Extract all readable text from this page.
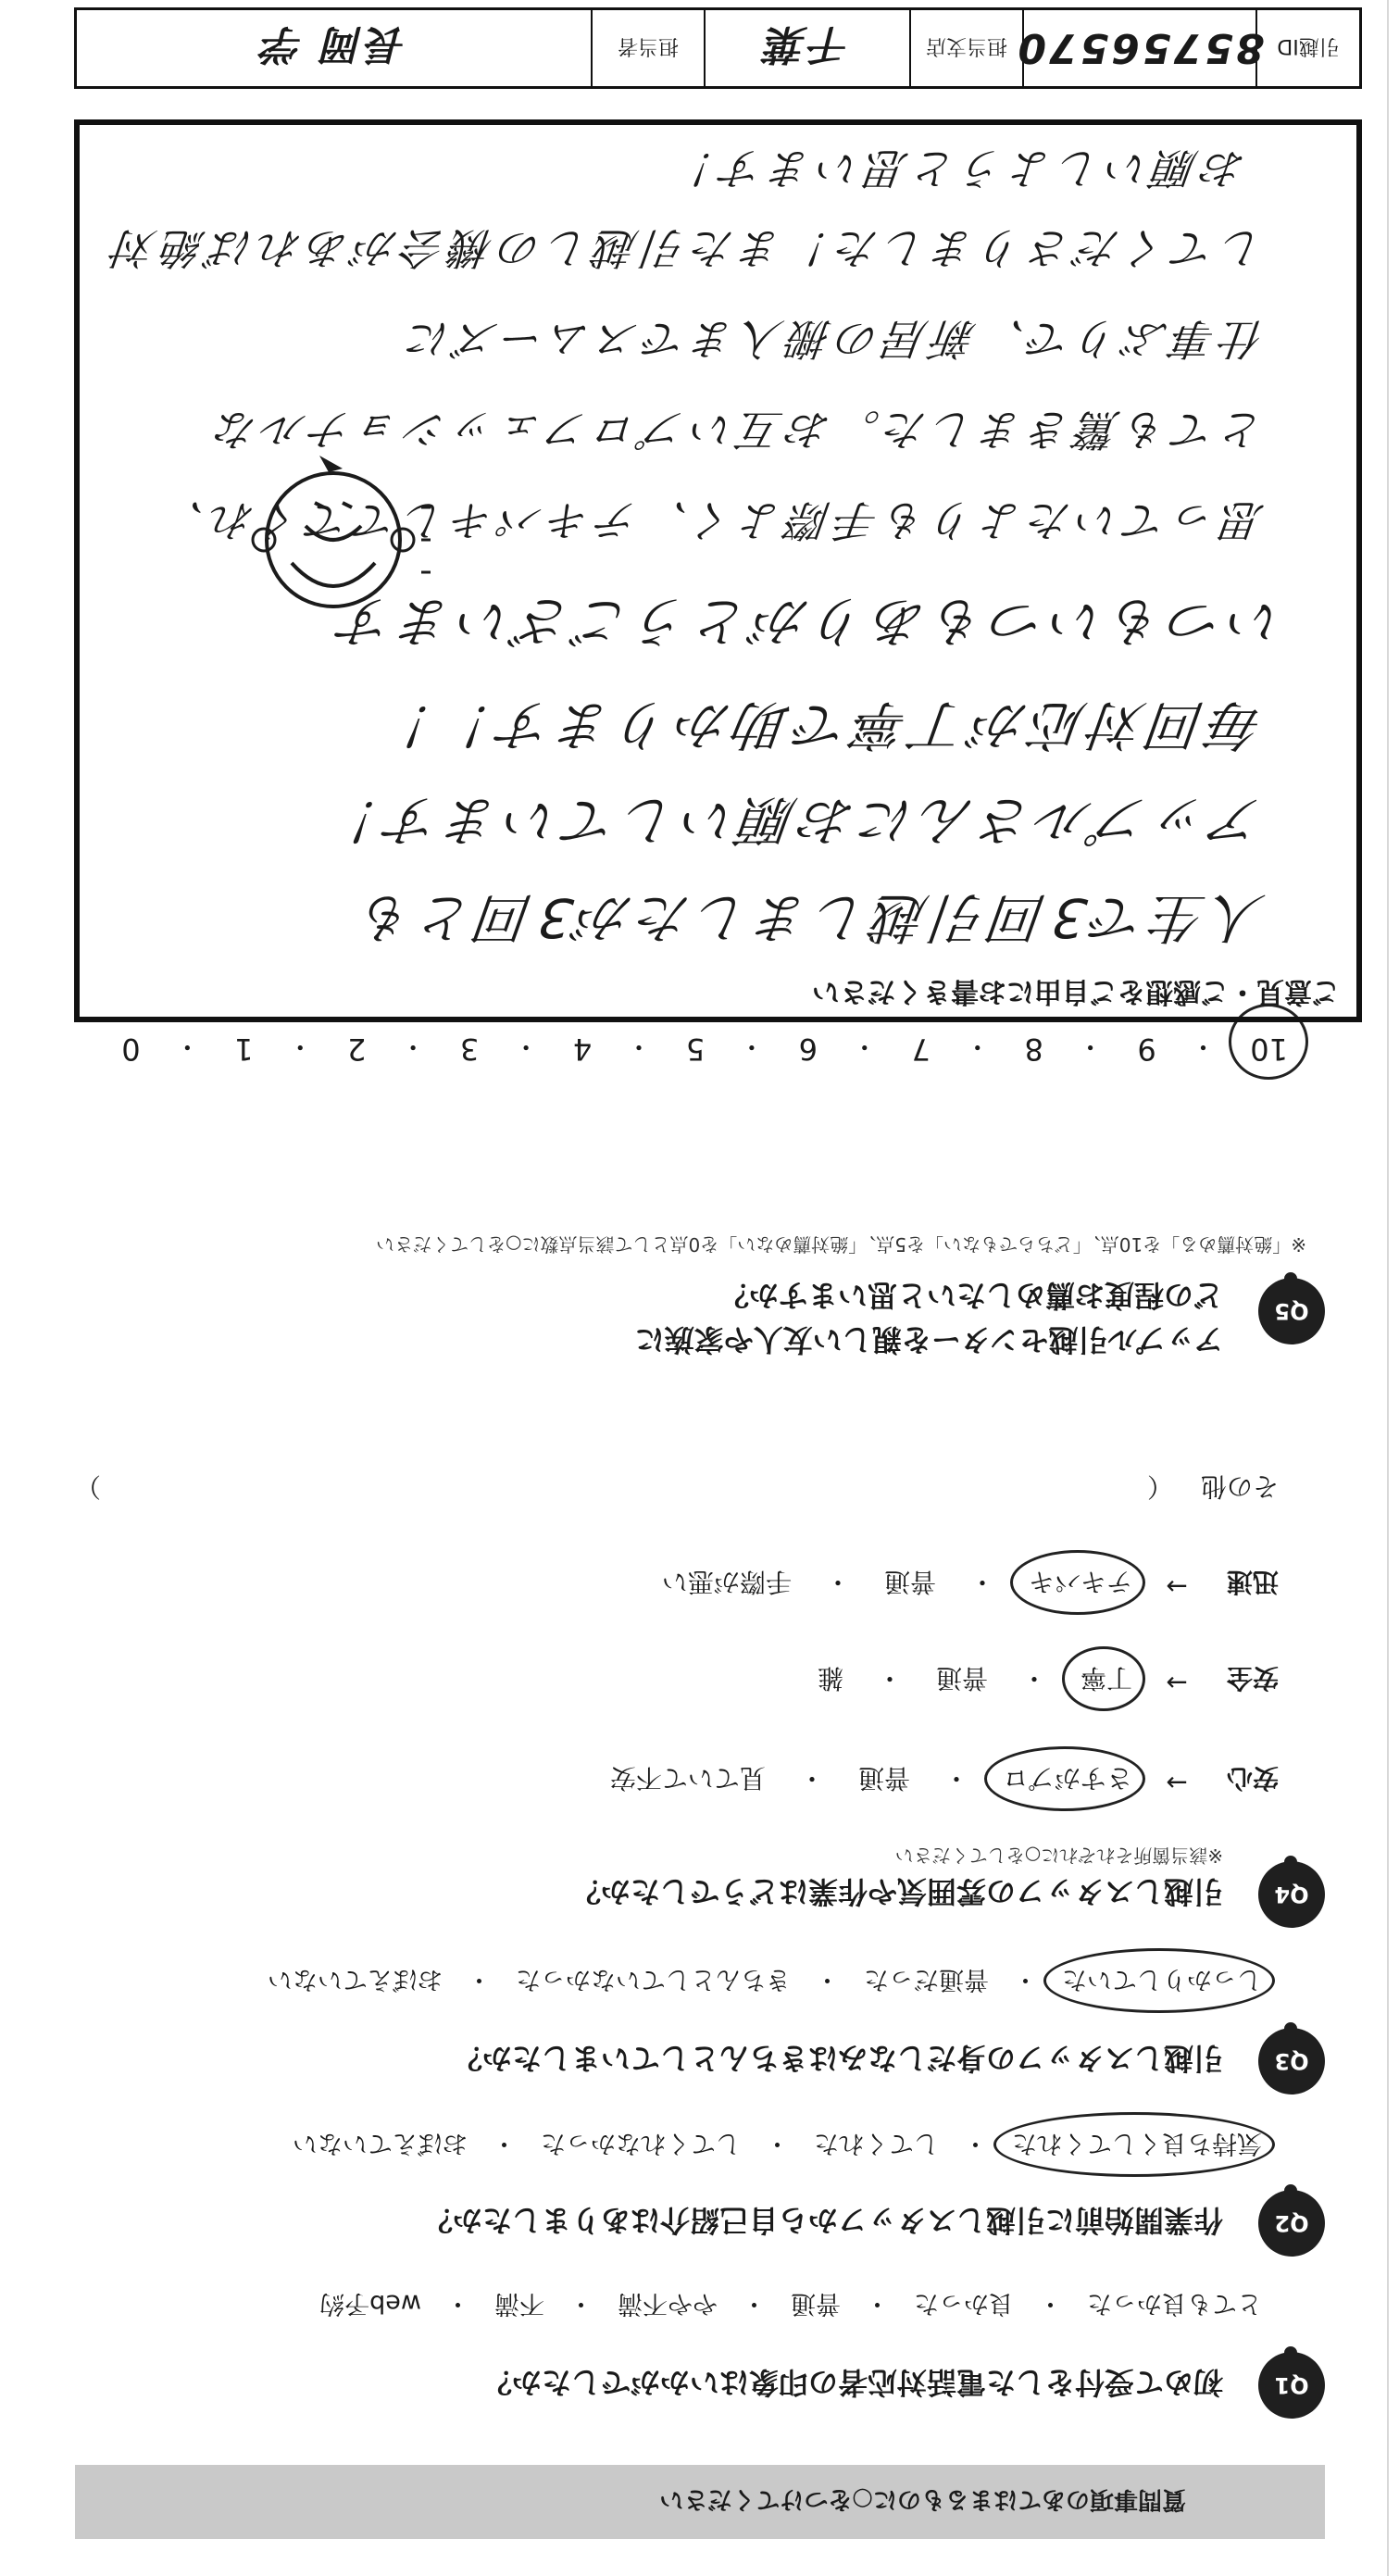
質問事項のあてはまるものに○をつけてください
Q1
初めて受付をした電話対応者の印象はいかがでしたか？
とても良かった
・
良かった
・
普通
・
やや不満
・
不満
・
web予約
Q2
作業開始前に引越しスタッフから自己紹介はありましたか？
気持ち良くしてくれた
・
してくれた
・
してくれなかった
・
おぼえていない
Q3
引越しスタッフの身だしなみはきちんとしていましたか？
しっかりしていた
・
普通だった
・
きちんとしていなかった
・
おぼえていない
Q4
引越しスタッフの雰囲気や作業はどうでしたか？
※該当箇所それぞれに○をしてください
安心
→
さすがプロ
・
普通
・
見ていて不安
安全
→
丁寧
・
普通
・
雑
迅速
→
テキパキ
・
普通
・
手際が悪い
その他
（
）
Q5
アップル引越センターを親しい友人や家族に
どの程度お薦めしたいと思いますか？
※「絶対薦める」を10点、「どちらでもない」を5点、「絶対薦めない」を0点として該当点数に○をしてください
10
・
9
・
8
・
7
・
6
・
5
・
4
・
3
・
2
・
1
・
0
ご意見・ご感想をご自由にお書きください
人生で3回引越しましたが3回とも
アップルさんにお願いしています！
毎回対応が丁寧で助かります！！
いつもいつもありがとうございます
思っていたよりも手際よく、テキパキしててくれ、
とても驚きました。お互いプロフェッショナルな
仕事ぶりで、新居の搬入までスムーズに
してくださりました！また引越しの機会があれば絶対
お願いしようと思います！
引越ID
85756570
担当支店
千葉
担当者
長岡 学
